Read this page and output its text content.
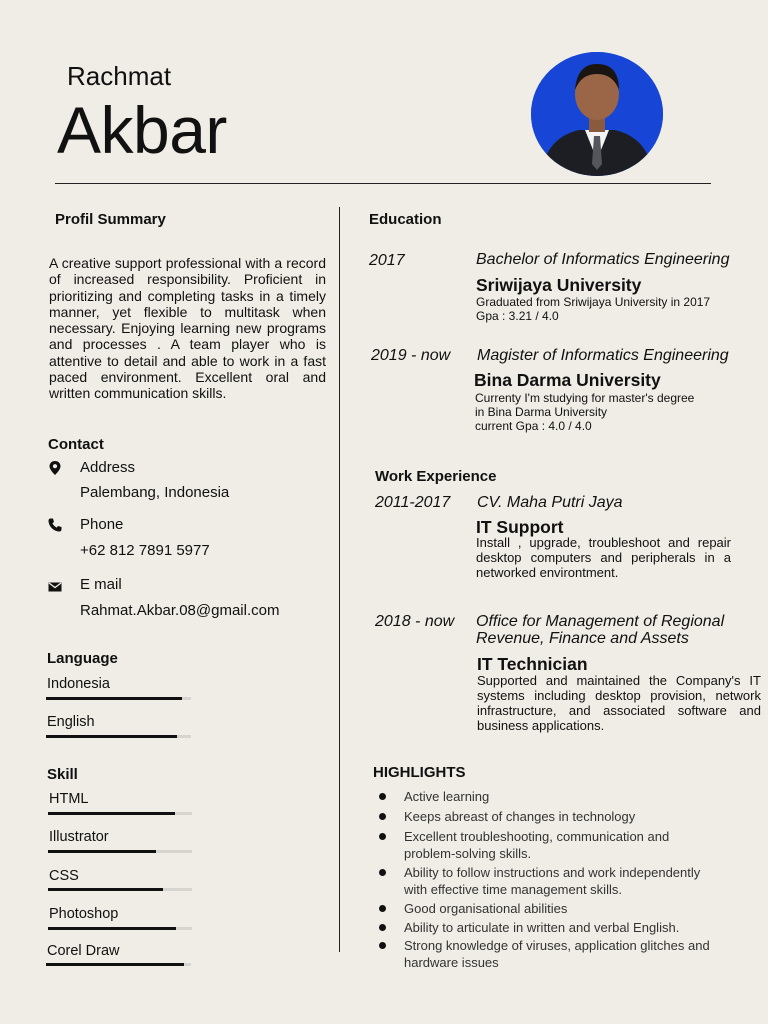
Rachmat
Akbar
Profil Summary
A creative support professional with a record of increased responsibility. Proficient in prioritizing and completing tasks in a timely manner, yet flexible to multitask when necessary. Enjoying learning new programs and processes . A team player who is attentive to detail and able to work in a fast paced environment. Excellent oral and written communication skills.
Contact
Address
Palembang, Indonesia
Phone
+62 812 7891 5977
E mail
Rahmat.Akbar.08@gmail.com
Language
Indonesia
English
Skill
HTML
Illustrator
CSS
Photoshop
Corel Draw
Education
2017	Bachelor of Informatics Engineering
Sriwijaya University
Graduated from Sriwijaya University in 2017
Gpa : 3.21 / 4.0
2019 - now Magister of Informatics Engineering
Bina Darma University
Currenty I'm studying for master's degree
in Bina Darma University
current Gpa : 4.0 / 4.0
Work Experience
2011-2017 CV. Maha Putri Jaya
IT Support
Install , upgrade, troubleshoot and repair desktop computers and peripherals in a networked environtment.
2018 - now Office for Management of Regional Revenue, Finance and Assets
IT Technician
Supported and maintained the Company's IT systems including desktop provision, network infrastructure, and associated software and business applications.
HIGHLIGHTS
Active learning
Keeps abreast of changes in technology
Excellent troubleshooting, communication and problem-solving skills.
Ability to follow instructions and work independently with effective time management skills.
Good organisational abilities
Ability to articulate in written and verbal English.
Strong knowledge of viruses, application glitches and hardware issues
